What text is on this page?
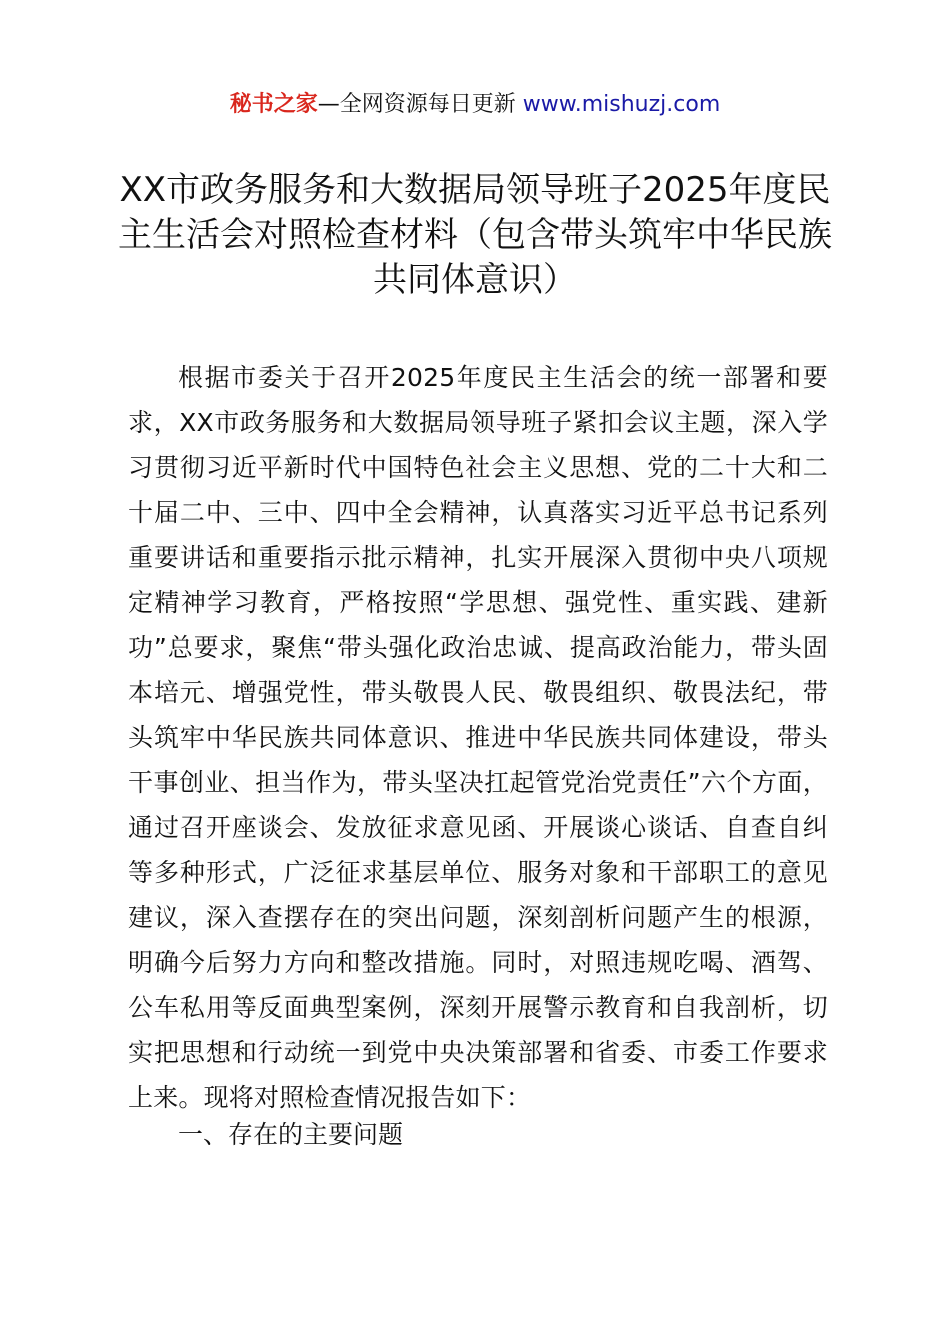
秘书之家—全网资源每日更新 www.mishuzj.com
XX市政务服务和大数据局领导班子2025年度民主生活会对照检查材料（包含带头筑牢中华民族共同体意识）

根据市委关于召开2025年度民主生活会的统一部署和要求，XX市政务服务和大数据局领导班子紧扣会议主题，深入学习贯彻习近平新时代中国特色社会主义思想、党的二十大和二十届二中、三中、四中全会精神，认真落实习近平总书记系列重要讲话和重要指示批示精神，扎实开展深入贯彻中央八项规定精神学习教育，严格按照“学思想、强党性、重实践、建新功”总要求，聚焦“带头强化政治忠诚、提高政治能力，带头固本培元、增强党性，带头敬畏人民、敬畏组织、敬畏法纪，带头筑牢中华民族共同体意识、推进中华民族共同体建设，带头干事创业、担当作为，带头坚决扛起管党治党责任”六个方面，通过召开座谈会、发放征求意见函、开展谈心谈话、自查自纠等多种形式，广泛征求基层单位、服务对象和干部职工的意见建议，深入查摆存在的突出问题，深刻剖析问题产生的根源，明确今后努力方向和整改措施。同时，对照违规吃喝、酒驾、公车私用等反面典型案例，深刻开展警示教育和自我剖析，切实把思想和行动统一到党中央决策部署和省委、市委工作要求上来。现将对照检查情况报告如下：

一、存在的主要问题
